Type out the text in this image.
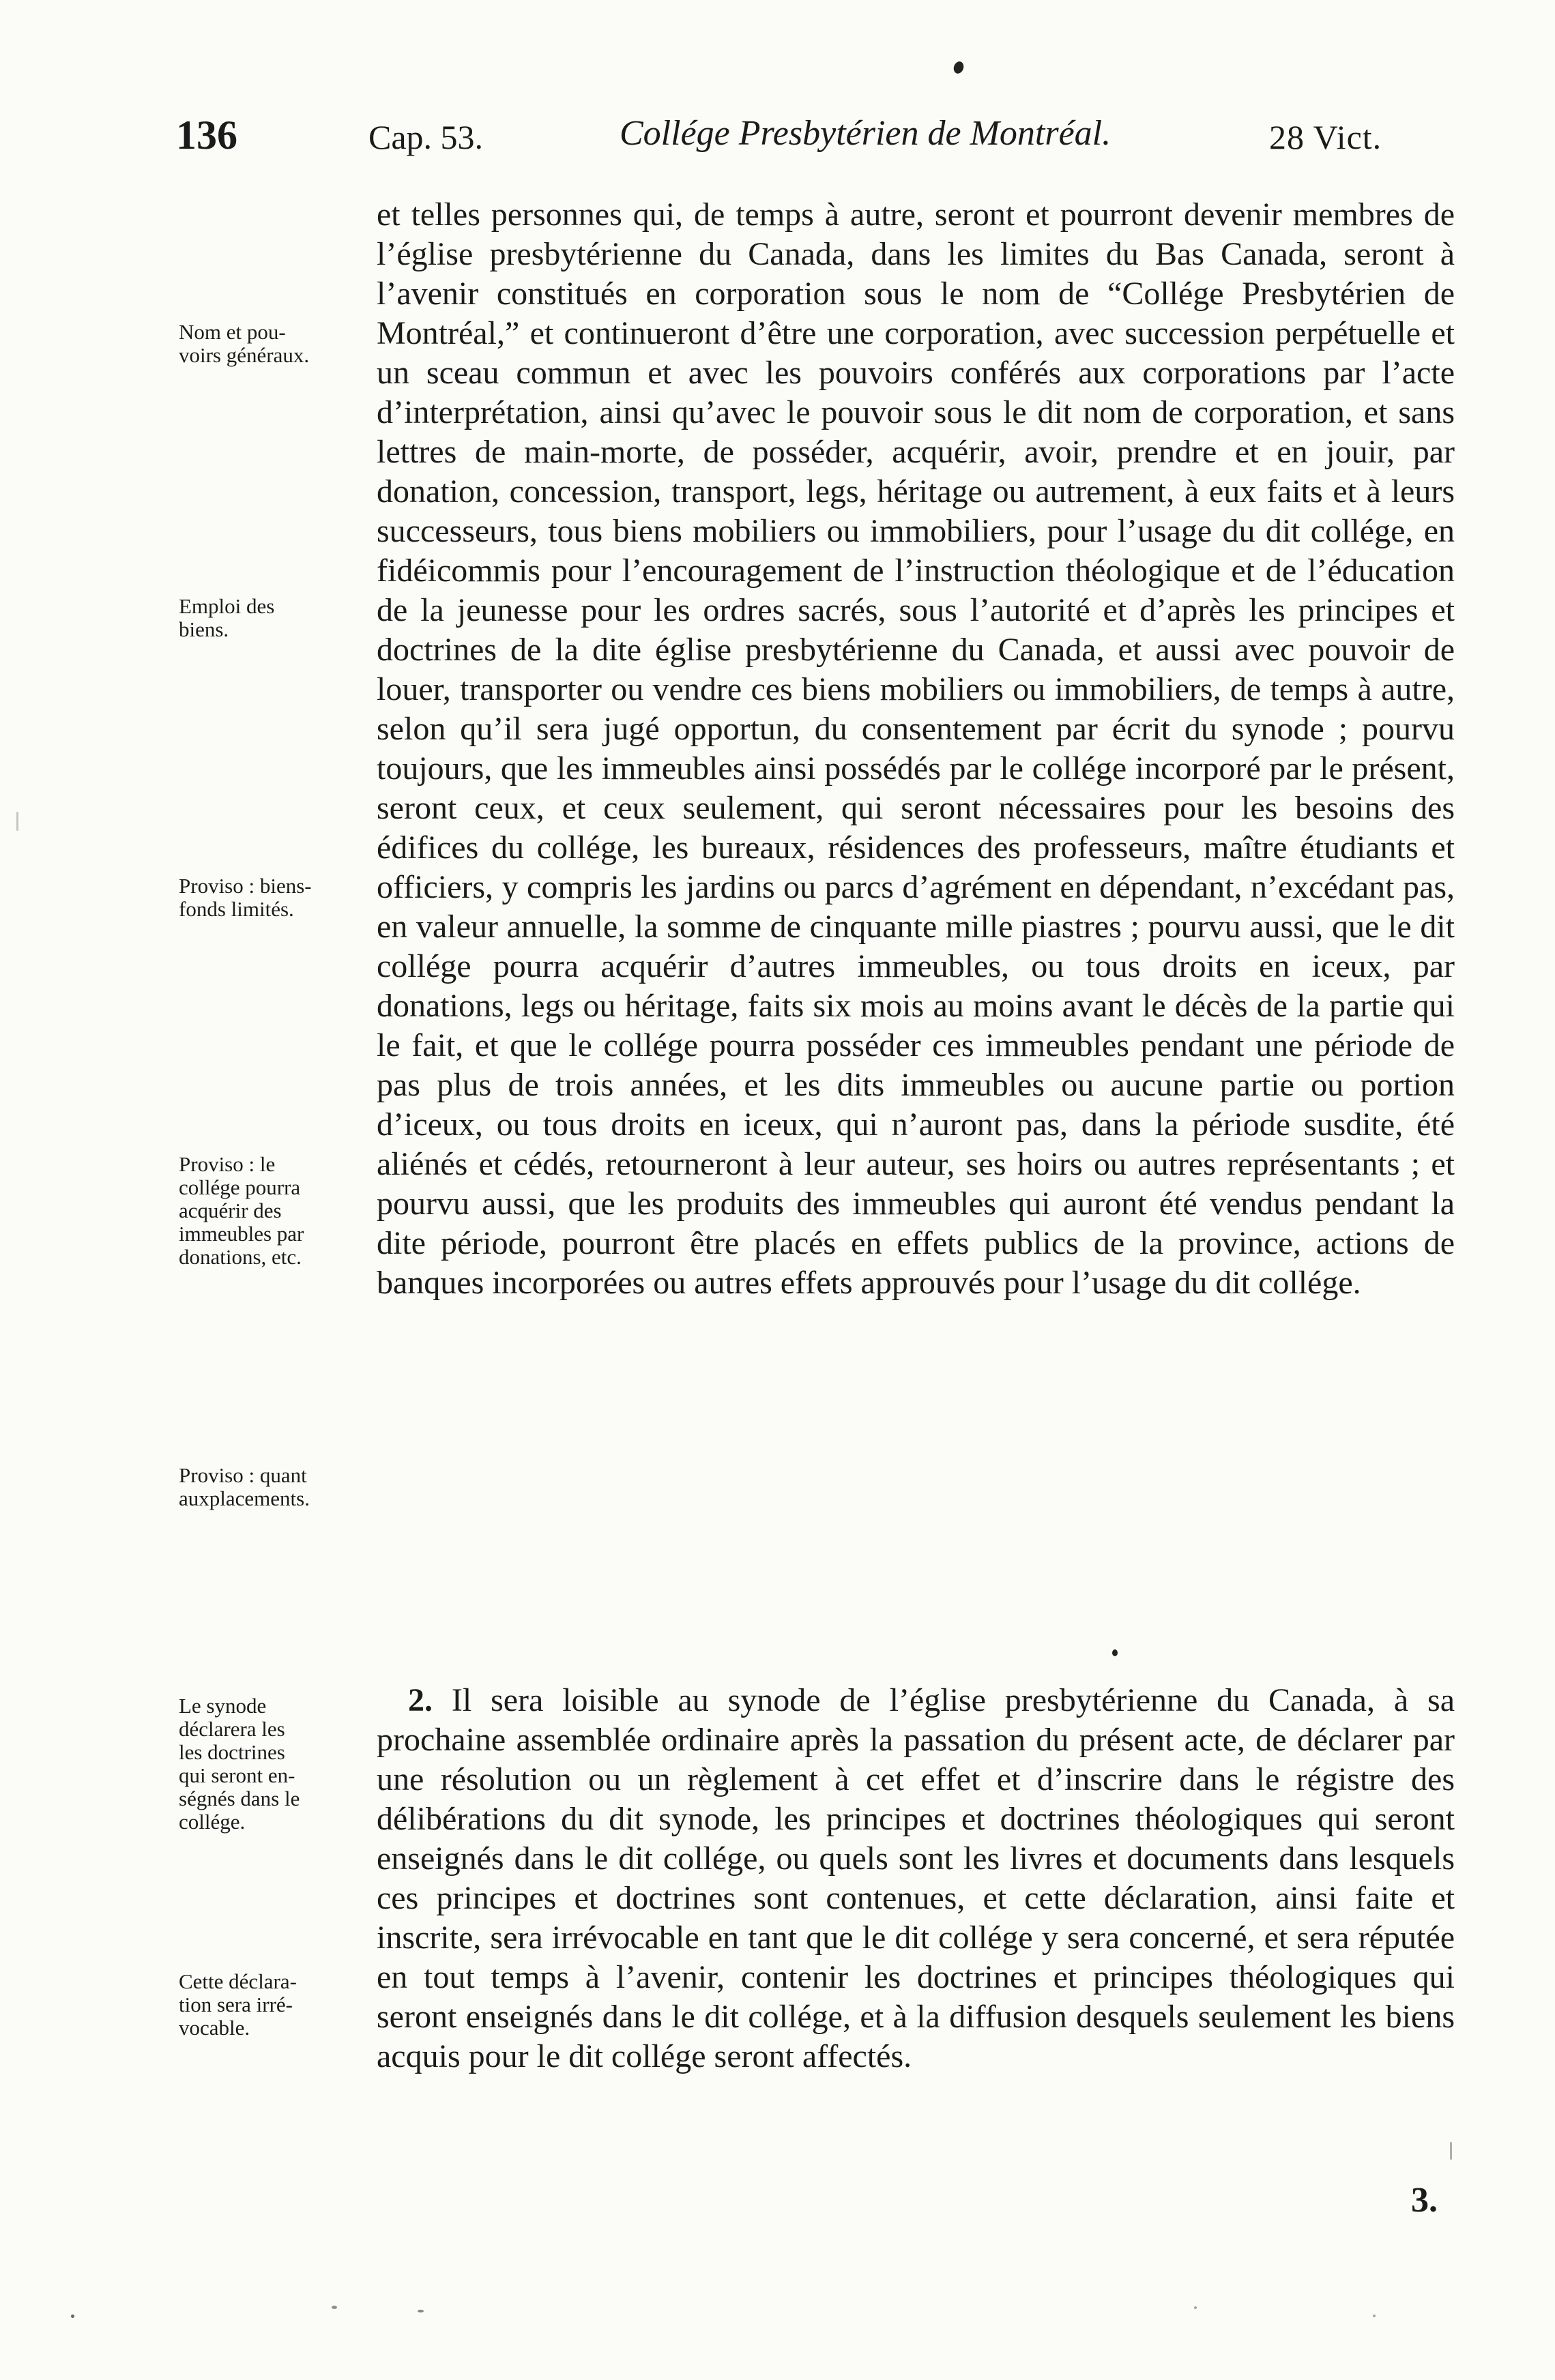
136	Cap. 53.	Collége Presbytérien de Montréal.	28 Vict.
Nom et pou-
voirs généraux.
Emploi des
biens.
Proviso : biens-
fonds limités.
Proviso : le
collége pourra
acquérir des
immeubles par
donations, etc.
Proviso : quant
auxplacements.
Le synode
déclarera les
les doctrines
qui seront en-
ségnés dans le
collége.
Cette déclara-
tion sera irré-
vocable.

et telles personnes qui, de temps à autre, seront et pourront devenir membres de l’église presbytérienne du Canada, dans les limites du Bas Canada, seront à l’avenir constitués en corporation sous le nom de “Collége Presbytérien de Montréal,” et continueront d’être une corporation, avec succession perpétuelle et un sceau commun et avec les pouvoirs conférés aux corporations par l’acte d’interprétation, ainsi qu’avec le pouvoir sous le dit nom de corporation, et sans lettres de main-morte, de posséder, acquérir, avoir, prendre et en jouir, par donation, concession, transport, legs, héritage ou autrement, à eux faits et à leurs successeurs, tous biens mobiliers ou immobiliers, pour l’usage du dit collége, en fidéicommis pour l’encouragement de l’instruction théologique et de l’éducation de la jeunesse pour les ordres sacrés, sous l’autorité et d’après les principes et doctrines de la dite église presbytérienne du Canada, et aussi avec pouvoir de louer, transporter ou vendre ces biens mobiliers ou immobiliers, de temps à autre, selon qu’il sera jugé opportun, du consentement par écrit du synode ; pourvu toujours, que les immeubles ainsi possédés par le collége incorporé par le présent, seront ceux, et ceux seulement, qui seront nécessaires pour les besoins des édifices du collége, les bureaux, résidences des professeurs, maître étudiants et officiers, y compris les jardins ou parcs d’agrément en dépendant, n’excédant pas, en valeur annuelle, la somme de cinquante mille piastres ; pourvu aussi, que le dit collége pourra acquérir d’autres immeubles, ou tous droits en iceux, par donations, legs ou héritage, faits six mois au moins avant le décès de la partie qui le fait, et que le collége pourra posséder ces immeubles pendant une période de pas plus de trois années, et les dits immeubles ou aucune partie ou portion d’iceux, ou tous droits en iceux, qui n’auront pas, dans la période susdite, été aliénés et cédés, retourneront à leur auteur, ses hoirs ou autres représentants ; et pourvu aussi, que les produits des immeubles qui auront été vendus pendant la dite période, pourront être placés en effets publics de la province, actions de banques incorporées ou autres effets approuvés pour l’usage du dit collége.

2. Il sera loisible au synode de l’église presbytérienne du Canada, à sa prochaine assemblée ordinaire après la passation du présent acte, de déclarer par une résolution ou un règlement à cet effet et d’inscrire dans le régistre des délibérations du dit synode, les principes et doctrines théologiques qui seront enseignés dans le dit collége, ou quels sont les livres et documents dans lesquels ces principes et doctrines sont contenues, et cette déclaration, ainsi faite et inscrite, sera irrévocable en tant que le dit collége y sera concerné, et sera réputée en tout temps à l’avenir, contenir les doctrines et principes théologiques qui seront enseignés dans le dit collége, et à la diffusion desquels seulement les biens acquis pour le dit collége seront affectés.

3.
